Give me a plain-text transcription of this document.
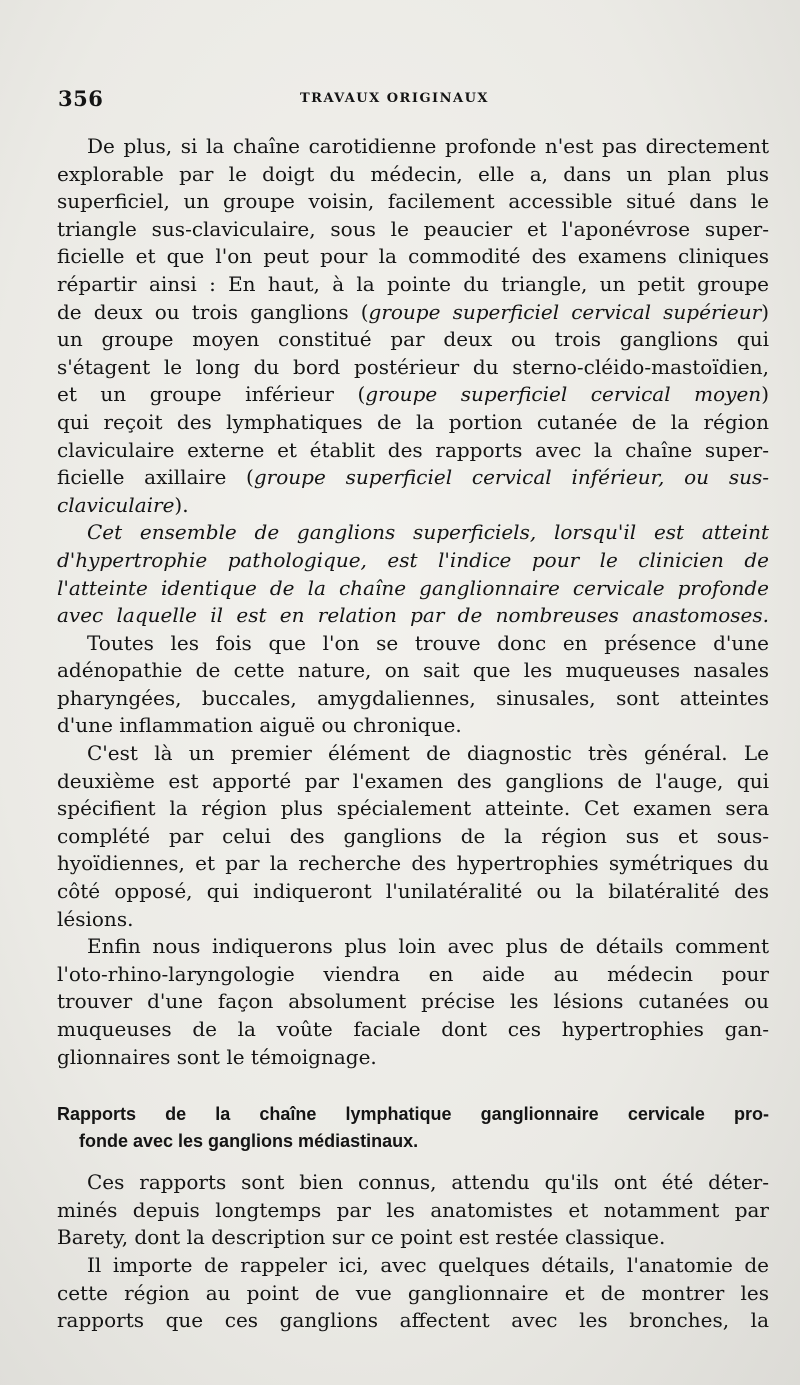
356	TRAVAUX ORIGINAUX
De plus, si la chaîne carotidienne profonde n'est pas directement
explorable par le doigt du médecin, elle a, dans un plan plus
superficiel, un groupe voisin, facilement accessible situé dans le
triangle sus-claviculaire, sous le peaucier et l'aponévrose super-
ficielle et que l'on peut pour la commodité des examens cliniques
répartir ainsi : En haut, à la pointe du triangle, un petit groupe
de deux ou trois ganglions (groupe superficiel cervical supérieur)
un groupe moyen constitué par deux ou trois ganglions qui
s'étagent le long du bord postérieur du sterno-cléido-mastoïdien,
et un groupe inférieur (groupe superficiel cervical moyen)
qui reçoit des lymphatiques de la portion cutanée de la région
claviculaire externe et établit des rapports avec la chaîne super-
ficielle axillaire (groupe superficiel cervical inférieur, ou sus-
claviculaire).
Cet ensemble de ganglions superficiels, lorsqu'il est atteint
d'hypertrophie pathologique, est l'indice pour le clinicien de
l'atteinte identique de la chaîne ganglionnaire cervicale profonde
avec laquelle il est en relation par de nombreuses anastomoses.
Toutes les fois que l'on se trouve donc en présence d'une
adénopathie de cette nature, on sait que les muqueuses nasales
pharyngées, buccales, amygdaliennes, sinusales, sont atteintes
d'une inflammation aiguë ou chronique.
C'est là un premier élément de diagnostic très général. Le
deuxième est apporté par l'examen des ganglions de l'auge, qui
spécifient la région plus spécialement atteinte. Cet examen sera
complété par celui des ganglions de la région sus et sous-
hyoïdiennes, et par la recherche des hypertrophies symétriques du
côté opposé, qui indiqueront l'unilatéralité ou la bilatéralité des
lésions.
Enfin nous indiquerons plus loin avec plus de détails comment
l'oto-rhino-laryngologie viendra en aide au médecin pour
trouver d'une façon absolument précise les lésions cutanées ou
muqueuses de la voûte faciale dont ces hypertrophies gan-
glionnaires sont le témoignage.
Rapports de la chaîne lymphatique ganglionnaire cervicale pro-
fonde avec les ganglions médiastinaux.
Ces rapports sont bien connus, attendu qu'ils ont été déter-
minés depuis longtemps par les anatomistes et notamment par
Barety, dont la description sur ce point est restée classique.
Il importe de rappeler ici, avec quelques détails, l'anatomie de
cette région au point de vue ganglionnaire et de montrer les
rapports que ces ganglions affectent avec les bronches, la
